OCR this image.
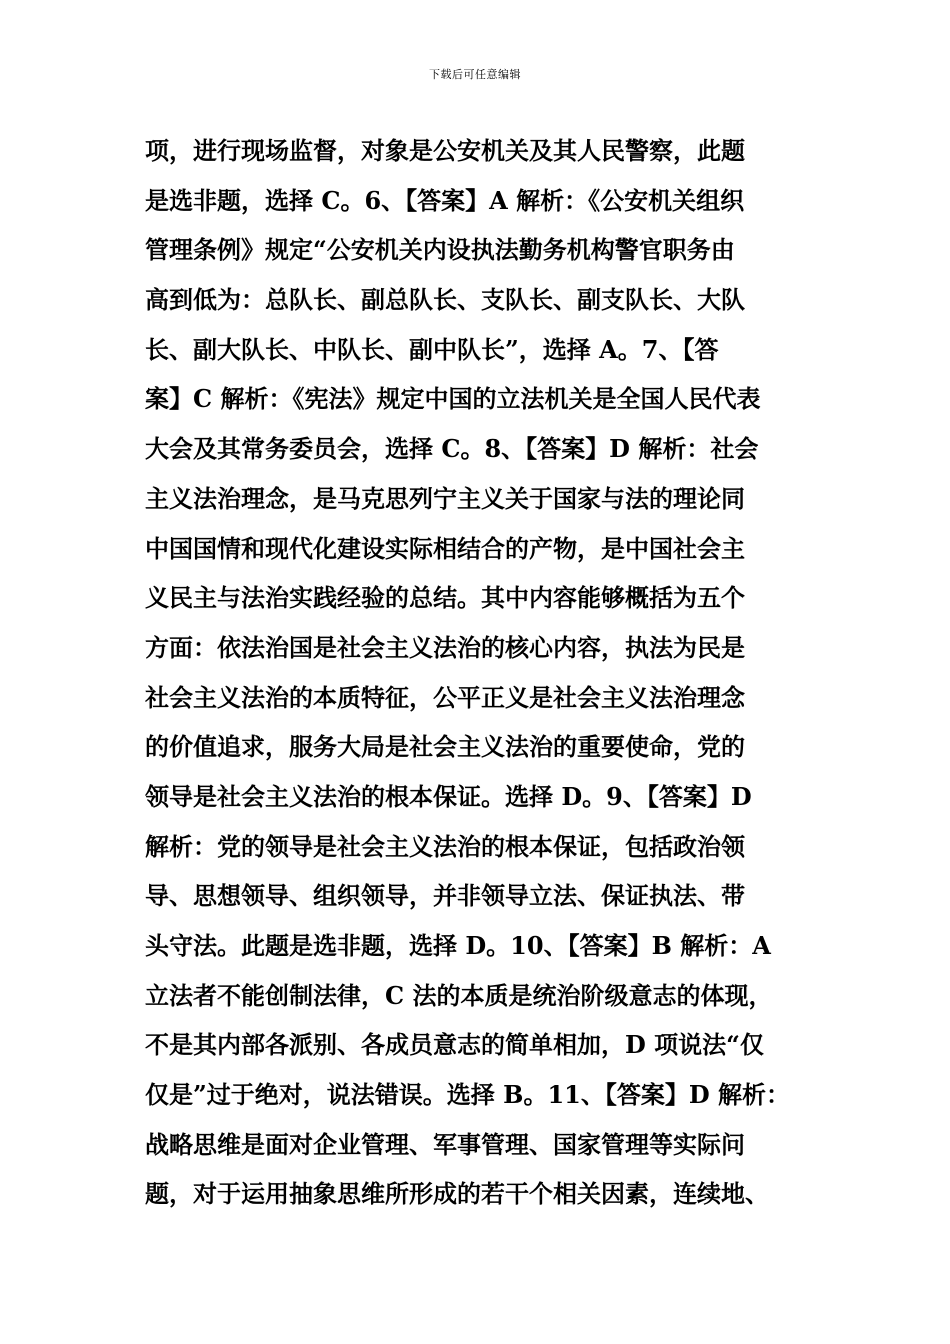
下载后可任意编辑
项，进行现场监督，对象是公安机关及其人民警察，此题
是选非题，选择 C。6、【答案】A 解析：《公安机关组织
管理条例》规定“公安机关内设执法勤务机构警官职务由
高到低为：总队长、副总队长、支队长、副支队长、大队
长、副大队长、中队长、副中队长”，选择 A。7、【答
案】C 解析：《宪法》规定中国的立法机关是全国人民代表
大会及其常务委员会，选择 C。8、【答案】D 解析：社会
主义法治理念，是马克思列宁主义关于国家与法的理论同
中国国情和现代化建设实际相结合的产物，是中国社会主
义民主与法治实践经验的总结。其中内容能够概括为五个
方面：依法治国是社会主义法治的核心内容，执法为民是
社会主义法治的本质特征，公平正义是社会主义法治理念
的价值追求，服务大局是社会主义法治的重要使命，党的
领导是社会主义法治的根本保证。选择 D。9、【答案】D
解析：党的领导是社会主义法治的根本保证，包括政治领
导、思想领导、组织领导，并非领导立法、保证执法、带
头守法。此题是选非题，选择 D。10、【答案】B 解析：A
立法者不能创制法律，C 法的本质是统治阶级意志的体现，
不是其内部各派别、各成员意志的简单相加，D 项说法“仅
仅是”过于绝对，说法错误。选择 B。11、【答案】D 解析：
战略思维是面对企业管理、军事管理、国家管理等实际问
题，对于运用抽象思维所形成的若干个相关因素，连续地、
